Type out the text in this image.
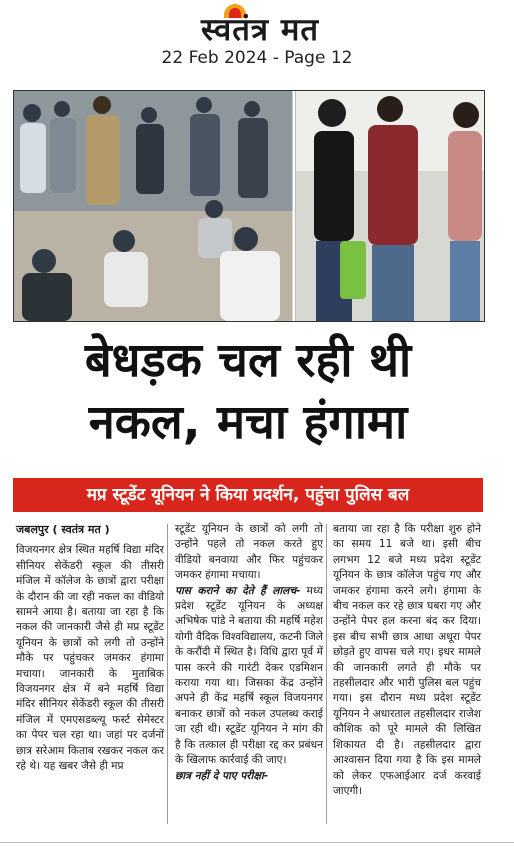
स्वतंत्र मत
22 Feb 2024 - Page 12
बेधड़क चल रही थी
नकल, मचा हंगामा
मप्र स्टूडेंट यूनियन ने किया प्रदर्शन, पहुंचा पुलिस बल
जबलपुर ( स्वतंत्र मत )
विजयनगर क्षेत्र स्थित महर्षि विद्या मंदिर सीनियर सेकेंडरी स्कूल की तीसरी मंजिल में कॉलेज के छात्रों द्वारा परीक्षा के दौरान की जा रही नकल का वीडियो सामने आया है। बताया जा रहा है कि नकल की जानकारी जैसे ही मप्र स्टूडेंट यूनियन के छात्रों को लगी तो उन्होंने मौके पर पहुंचकर जमकर हंगामा मचाया। जानकारी के मुताबिक विजयनगर क्षेत्र में बने महर्षि विद्या मंदिर सीनियर सेकेंडरी स्कूल की तीसरी मंजिल में एमएसडब्ल्यू फर्स्ट सेमेस्टर का पेपर चल रहा था। जहां पर दर्जनों छात्र सरेआम किताब रखकर नकल कर रहे थे। यह खबर जैसे ही मप्र
स्टूडेंट यूनियन के छात्रों को लगी तो उन्होंने पहले तो नकल करते हुए वीडियो बनवाया और फिर पहुंचकर जमकर हंगामा मचाया।
पास कराने का देते हैं लालच- मध्य प्रदेश स्टूडेंट यूनियन के अध्यक्ष अभिषेक पांडे ने बताया की महर्षि महेश योगी वैदिक विश्वविद्यालय, कटनी जिले के करौंदी में स्थित है। विधि द्वारा पूर्व में पास करने की गारंटी देकर एडमिशन कराया गया था। जिसका केंद्र उन्होंने अपने ही केंद्र महर्षि स्कूल विजयनगर बनाकर छात्रों को नकल उपलब्ध कराई जा रही थी। स्टूडेंट यूनियन ने मांग की है कि तत्काल ही परीक्षा रद्द कर प्रबंधन के खिलाफ कार्रवाई की जाए।
छात्र नहीं दे पाए परीक्षा-
बताया जा रहा है कि परीक्षा शुरु होने का समय 11 बजे था। इसी बीच लगभग 12 बजे मध्य प्रदेश स्टूडेंट यूनियन के छात्र कॉलेज पहुंच गए और जमकर हंगामा करने लगे। हंगामा के बीच नकल कर रहे छात्र घबरा गए और उन्होंने पेपर हल करना बंद कर दिया। इस बीच सभी छात्र आधा अधूरा पेपर छोड़ते हुए वापस चले गए। इधर मामले की जानकारी लगते ही मौके पर तहसीलदार और भारी पुलिस बल पहुंच गया। इस दौरान मध्य प्रदेश स्टूडेंट यूनियन ने अधारताल तहसीलदार राजेश कौशिक को पूरे मामले की लिखित शिकायत दी है। तहसीलदार द्वारा आश्वासन दिया गया है कि इस मामले को लेकर एफआईआर दर्ज करवाई जाएगी।
